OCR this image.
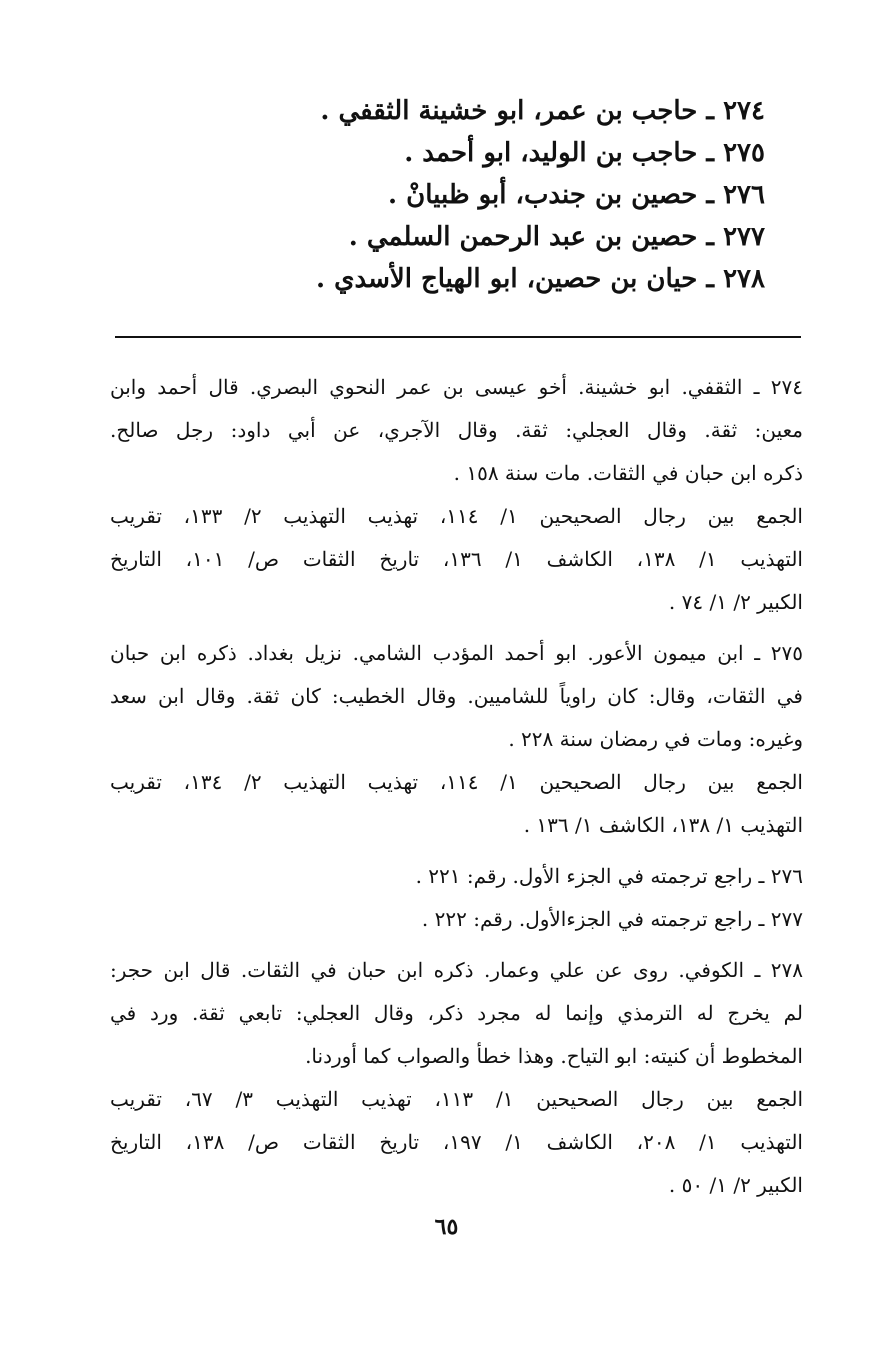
٢٧٤ ـ حاجب بن عمر، ابو خشينة الثقفي .
٢٧٥ ـ حاجب بن الوليد، ابو أحمد .
٢٧٦ ـ حصين بن جندب، أبو ظبيانْ .
٢٧٧ ـ حصين بن عبد الرحمن السلمي .
٢٧٨ ـ حيان بن حصين، ابو الهياج الأسدي .
٢٧٤ ـ الثقفي. ابو خشينة. أخو عيسى بن عمر النحوي البصري. قال أحمد وابن
معين: ثقة. وقال العجلي: ثقة. وقال الآجري، عن أبي داود: رجل صالح.
ذكره ابن حبان في الثقات. مات سنة ١٥٨ .
الجمع بين رجال الصحيحين ١/ ١١٤، تهذيب التهذيب ٢/ ١٣٣، تقريب
التهذيب ١/ ١٣٨، الكاشف ١/ ١٣٦، تاريخ الثقات ص/ ١٠١، التاريخ
الكبير ٢/ ١/ ٧٤ .
٢٧٥ ـ ابن ميمون الأعور. ابو أحمد المؤدب الشامي. نزيل بغداد. ذكره ابن حبان
في الثقات، وقال: كان راوياً للشاميين. وقال الخطيب: كان ثقة. وقال ابن سعد
وغيره: ومات في رمضان سنة ٢٢٨ .
الجمع بين رجال الصحيحين ١/ ١١٤، تهذيب التهذيب ٢/ ١٣٤، تقريب
التهذيب ١/ ١٣٨، الكاشف ١/ ١٣٦ .
٢٧٦ ـ راجع ترجمته في الجزء الأول. رقم: ٢٢١ .
٢٧٧ ـ راجع ترجمته في الجزءالأول. رقم: ٢٢٢ .
٢٧٨ ـ الكوفي. روى عن علي وعمار. ذكره ابن حبان في الثقات. قال ابن حجر:
لم يخرج له الترمذي وإنما له مجرد ذكر، وقال العجلي: تابعي ثقة. ورد في
المخطوط أن كنيته: ابو التياح. وهذا خطأ والصواب كما أوردنا.
الجمع بين رجال الصحيحين ١/ ١١٣، تهذيب التهذيب ٣/ ٦٧، تقريب
التهذيب ١/ ٢٠٨، الكاشف ١/ ١٩٧، تاريخ الثقات ص/ ١٣٨، التاريخ
الكبير ٢/ ١/ ٥٠ .
٦٥
